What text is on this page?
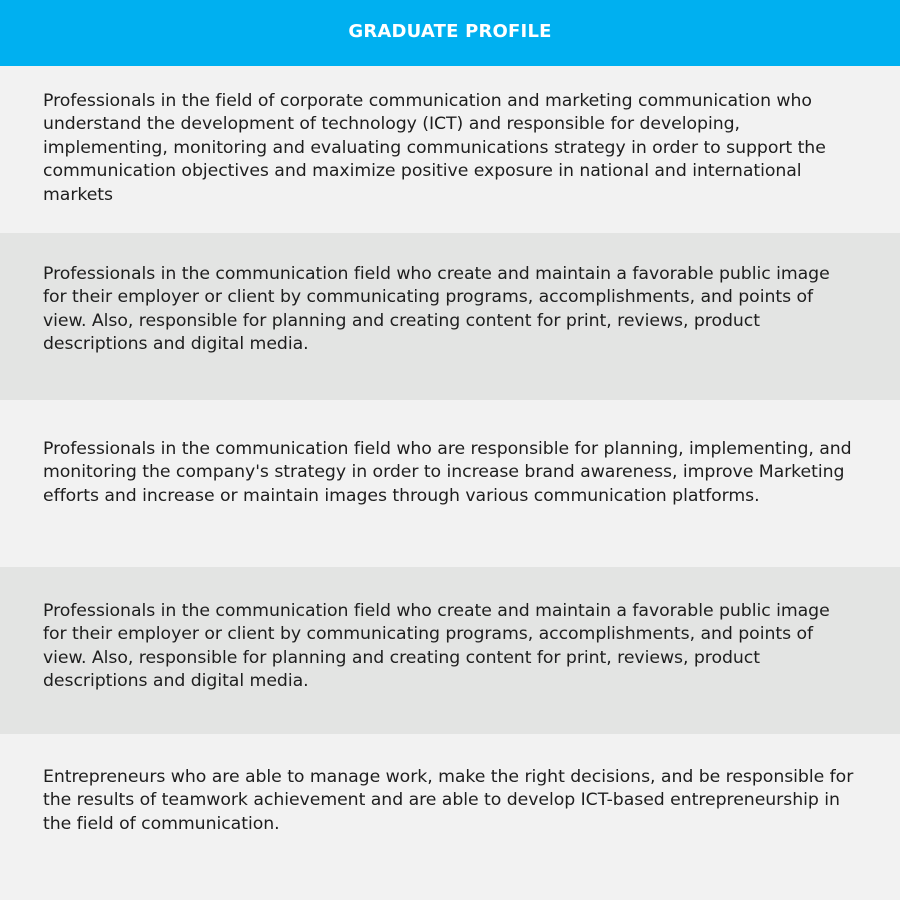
GRADUATE PROFILE

Professionals in the field of corporate communication and marketing communication who understand the development of technology (ICT) and responsible for developing, implementing, monitoring and evaluating communications strategy in order to support the communication objectives and maximize positive exposure in national and international markets

Professionals in the communication field who create and maintain a favorable public image for their employer or client by communicating programs, accomplishments, and points of view. Also, responsible for planning and creating content for print, reviews, product descriptions and digital media.

Professionals in the communication field who are responsible for planning, implementing, and monitoring the company's strategy in order to increase brand awareness, improve Marketing efforts and increase or maintain images through various communication platforms.

Professionals in the communication field who create and maintain a favorable public image for their employer or client by communicating programs, accomplishments, and points of view. Also, responsible for planning and creating content for print, reviews, product descriptions and digital media.

Entrepreneurs who are able to manage work, make the right decisions, and be responsible for the results of teamwork achievement and are able to develop ICT-based entrepreneurship in the field of communication.
